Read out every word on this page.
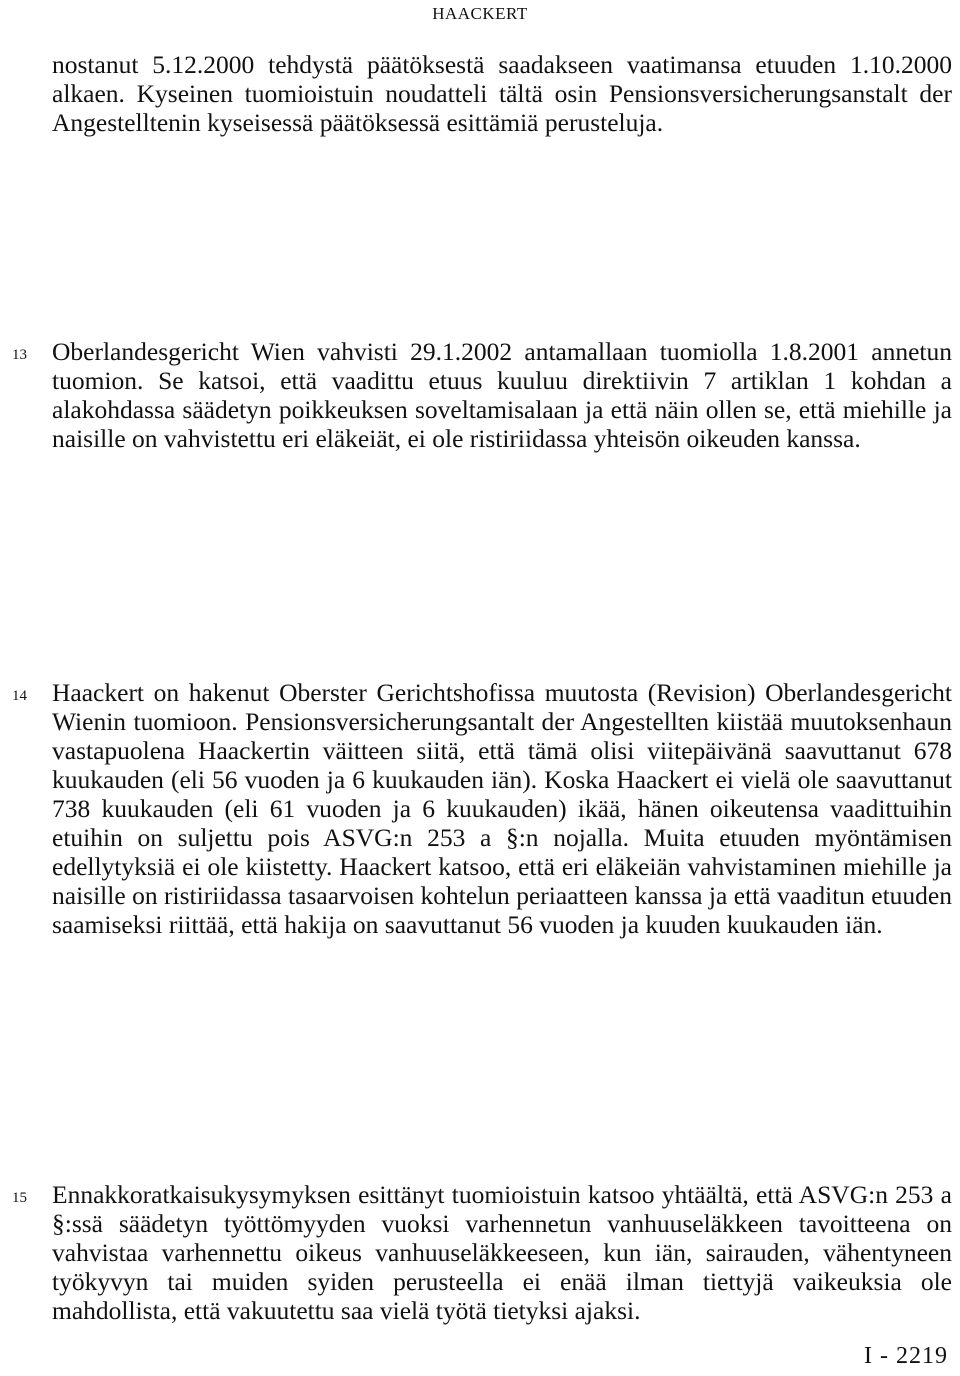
HAACKERT

nostanut 5.12.2000 tehdystä päätöksestä saadakseen vaatimansa etuuden 1.10.2000 alkaen. Kyseinen tuomioistuin noudatteli tältä osin Pensionsversicherungsanstalt der Angestelltenin kyseisessä päätöksessä esittämiä perusteluja.

13 Oberlandesgericht Wien vahvisti 29.1.2002 antamallaan tuomiolla 1.8.2001 annetun tuomion. Se katsoi, että vaadittu etuus kuuluu direktiivin 7 artiklan 1 kohdan a alakohdassa säädetyn poikkeuksen soveltamisalaan ja että näin ollen se, että miehille ja naisille on vahvistettu eri eläkeiät, ei ole ristiriidassa yhteisön oikeuden kanssa.

14 Haackert on hakenut Oberster Gerichtshofissa muutosta (Revision) Oberlandesgericht Wienin tuomioon. Pensionsversicherungsantalt der Angestellten kiistää muutoksenhaun vastapuolena Haackertin väitteen siitä, että tämä olisi viitepäivänä saavuttanut 678 kuukauden (eli 56 vuoden ja 6 kuukauden iän). Koska Haackert ei vielä ole saavuttanut 738 kuukauden (eli 61 vuoden ja 6 kuukauden) ikää, hänen oikeutensa vaadittuihin etuihin on suljettu pois ASVG:n 253 a §:n nojalla. Muita etuuden myöntämisen edellytyksiä ei ole kiistetty. Haackert katsoo, että eri eläkeiän vahvistaminen miehille ja naisille on ristiriidassa tasaarvoisen kohtelun periaatteen kanssa ja että vaaditun etuuden saamiseksi riittää, että hakija on saavuttanut 56 vuoden ja kuuden kuukauden iän.

15 Ennakkoratkaisukysymyksen esittänyt tuomioistuin katsoo yhtäältä, että ASVG:n 253 a §:ssä säädetyn työttömyyden vuoksi varhennetun vanhuuseläkkeen tavoitteena on vahvistaa varhennettu oikeus vanhuuseläkkeeseen, kun iän, sairauden, vähentyneen työkyvyn tai muiden syiden perusteella ei enää ilman tiettyjä vaikeuksia ole mahdollista, että vakuutettu saa vielä työtä tietyksi ajaksi.

I - 2219
